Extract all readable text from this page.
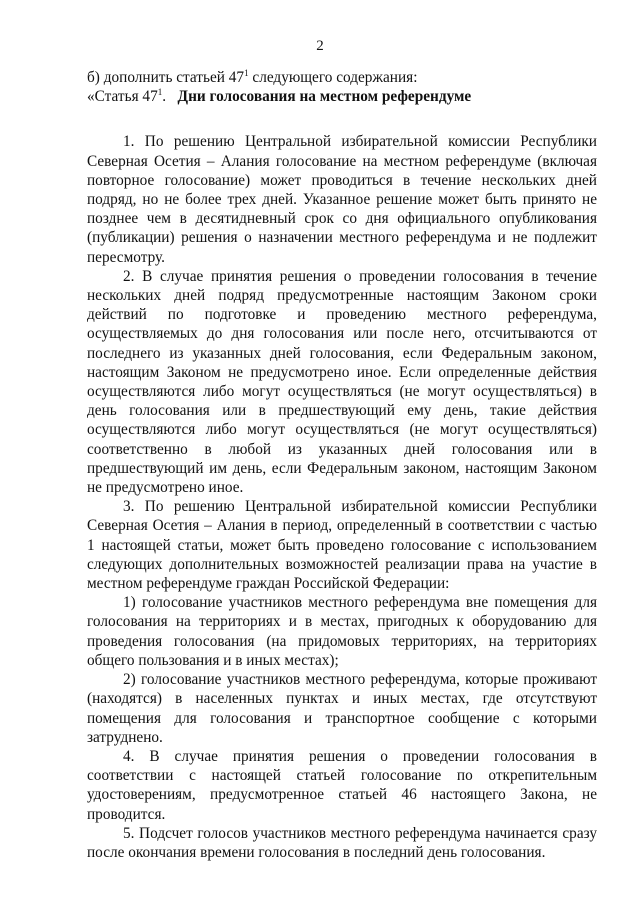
2

б) дополнить статьей $47^1$ следующего содержания:

«Статья $47^1$. Дни голосования на местном референдуме

1. По решению Центральной избирательной комиссии Республики Северная Осетия – Алания голосование на местном референдуме (включая повторное голосование) может проводиться в течение нескольких дней подряд, но не более трех дней. Указанное решение может быть принято не позднее чем в десятидневный срок со дня официального опубликования (публикации) решения о назначении местного референдума и не подлежит пересмотру.

2. В случае принятия решения о проведении голосования в течение нескольких дней подряд предусмотренные настоящим Законом сроки действий по подготовке и проведению местного референдума, осуществляемых до дня голосования или после него, отсчитываются от последнего из указанных дней голосования, если Федеральным законом, настоящим Законом не предусмотрено иное. Если определенные действия осуществляются либо могут осуществляться (не могут осуществляться) в день голосования или в предшествующий ему день, такие действия осуществляются либо могут осуществляться (не могут осуществляться) соответственно в любой из указанных дней голосования или в предшествующий им день, если Федеральным законом, настоящим Законом не предусмотрено иное.

3. По решению Центральной избирательной комиссии Республики Северная Осетия – Алания в период, определенный в соответствии с частью 1 настоящей статьи, может быть проведено голосование с использованием следующих дополнительных возможностей реализации права на участие в местном референдуме граждан Российской Федерации:

1) голосование участников местного референдума вне помещения для голосования на территориях и в местах, пригодных к оборудованию для проведения голосования (на придомовых территориях, на территориях общего пользования и в иных местах);

2) голосование участников местного референдума, которые проживают (находятся) в населенных пунктах и иных местах, где отсутствуют помещения для голосования и транспортное сообщение с которыми затруднено.

4. В случае принятия решения о проведении голосования в соответствии с настоящей статьей голосование по открепительным удостоверениям, предусмотренное статьей 46 настоящего Закона, не проводится.

5. Подсчет голосов участников местного референдума начинается сразу после окончания времени голосования в последний день голосования.
